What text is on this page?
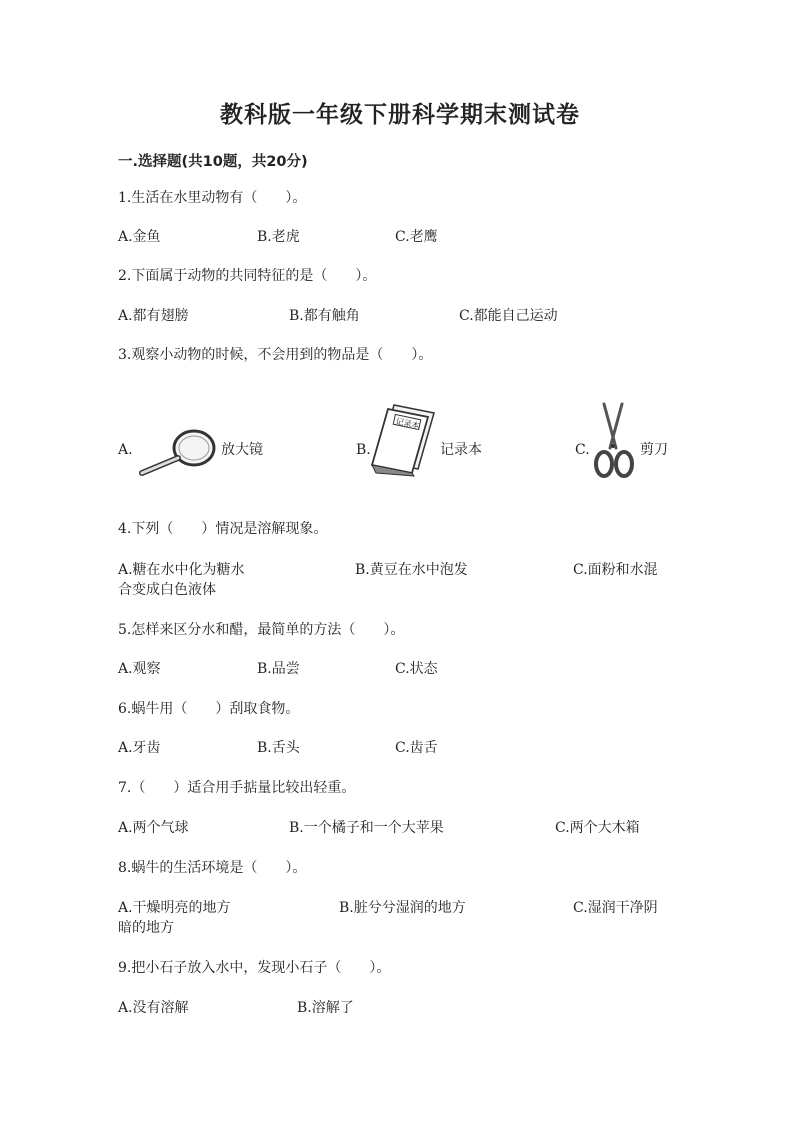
教科版一年级下册科学期末测试卷
一.选择题(共10题，共20分)
1.生活在水里动物有（　　）。
A.金鱼	B.老虎	C.老鹰
2.下面属于动物的共同特征的是（　　）。
A.都有翅膀	B.都有触角	C.都能自己运动
3.观察小动物的时候，不会用到的物品是（　　）。
A.	放大镜	B.
记录本
记录本	C.	剪刀
4.下列（　　）情况是溶解现象。
A.糖在水中化为糖水	B.黄豆在水中泡发	C.面粉和水混
合变成白色液体
5.怎样来区分水和醋，最简单的方法（　　）。
A.观察	B.品尝	C.状态
6.蜗牛用（　　）刮取食物。
A.牙齿	B.舌头	C.齿舌
7.（　　）适合用手掂量比较出轻重。
A.两个气球	B.一个橘子和一个大苹果	C.两个大木箱
8.蜗牛的生活环境是（　　）。
A.干燥明亮的地方	B.脏兮兮湿润的地方	C.湿润干净阴
暗的地方
9.把小石子放入水中，发现小石子（　　）。
A.没有溶解	B.溶解了
